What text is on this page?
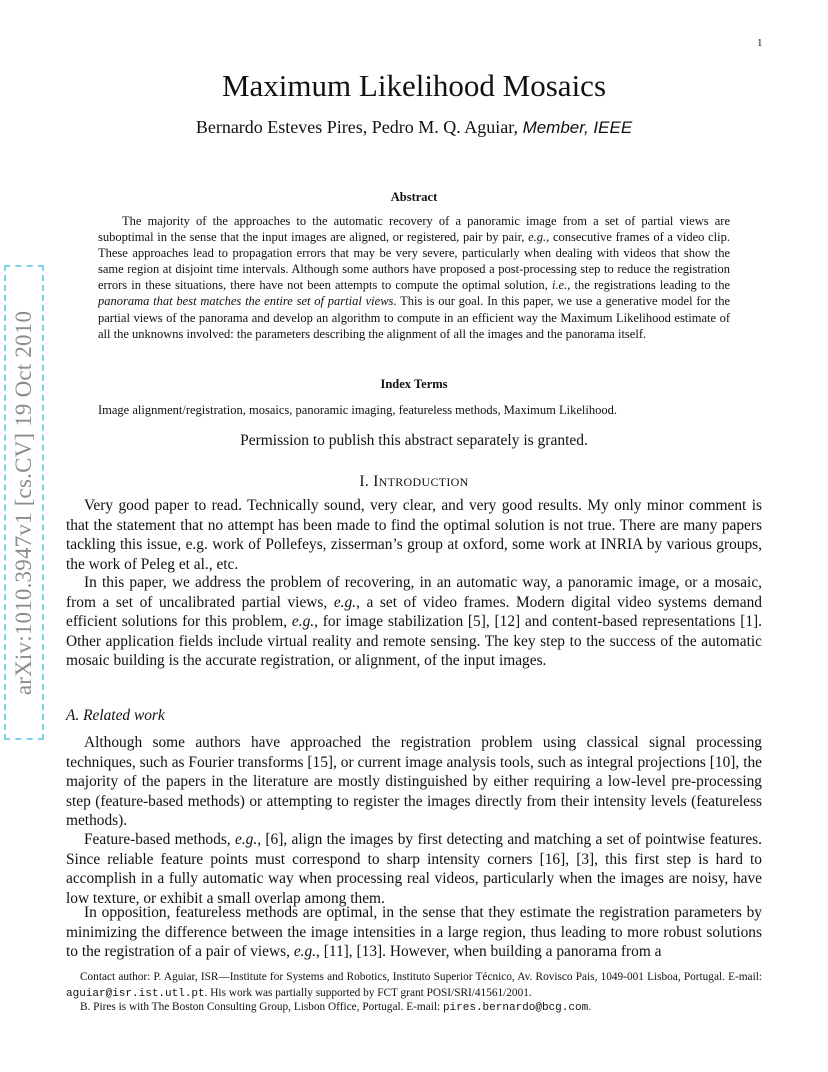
1
arXiv:1010.3947v1 [cs.CV] 19 Oct 2010
Maximum Likelihood Mosaics
Bernardo Esteves Pires, Pedro M. Q. Aguiar, Member, IEEE
Abstract
The majority of the approaches to the automatic recovery of a panoramic image from a set of partial views are suboptimal in the sense that the input images are aligned, or registered, pair by pair, e.g., consecutive frames of a video clip. These approaches lead to propagation errors that may be very severe, particularly when dealing with videos that show the same region at disjoint time intervals. Although some authors have proposed a post-processing step to reduce the registration errors in these situations, there have not been attempts to compute the optimal solution, i.e., the registrations leading to the panorama that best matches the entire set of partial views. This is our goal. In this paper, we use a generative model for the partial views of the panorama and develop an algorithm to compute in an efficient way the Maximum Likelihood estimate of all the unknowns involved: the parameters describing the alignment of all the images and the panorama itself.
Index Terms
Image alignment/registration, mosaics, panoramic imaging, featureless methods, Maximum Likelihood.
Permission to publish this abstract separately is granted.
I. INTRODUCTION

Very good paper to read. Technically sound, very clear, and very good results. My only minor comment is that the statement that no attempt has been made to find the optimal solution is not true. There are many papers tackling this issue, e.g. work of Pollefeys, zisserman’s group at oxford, some work at INRIA by various groups, the work of Peleg et al., etc.

In this paper, we address the problem of recovering, in an automatic way, a panoramic image, or a mosaic, from a set of uncalibrated partial views, e.g., a set of video frames. Modern digital video systems demand efficient solutions for this problem, e.g., for image stabilization [5], [12] and content-based representations [1]. Other application fields include virtual reality and remote sensing. The key step to the success of the automatic mosaic building is the accurate registration, or alignment, of the input images.

A. Related work

Although some authors have approached the registration problem using classical signal processing techniques, such as Fourier transforms [15], or current image analysis tools, such as integral projections [10], the majority of the papers in the literature are mostly distinguished by either requiring a low-level pre-processing step (feature-based methods) or attempting to register the images directly from their intensity levels (featureless methods).

Feature-based methods, e.g., [6], align the images by first detecting and matching a set of pointwise features. Since reliable feature points must correspond to sharp intensity corners [16], [3], this first step is hard to accomplish in a fully automatic way when processing real videos, particularly when the images are noisy, have low texture, or exhibit a small overlap among them.

In opposition, featureless methods are optimal, in the sense that they estimate the registration parameters by minimizing the difference between the image intensities in a large region, thus leading to more robust solutions to the registration of a pair of views, e.g., [11], [13]. However, when building a panorama from a

Contact author: P. Aguiar, ISR—Institute for Systems and Robotics, Instituto Superior Técnico, Av. Rovisco Pais, 1049-001 Lisboa, Portugal. E-mail: aguiar@isr.ist.utl.pt. His work was partially supported by FCT grant POSI/SRI/41561/2001.

B. Pires is with The Boston Consulting Group, Lisbon Office, Portugal. E-mail: pires.bernardo@bcg.com.
